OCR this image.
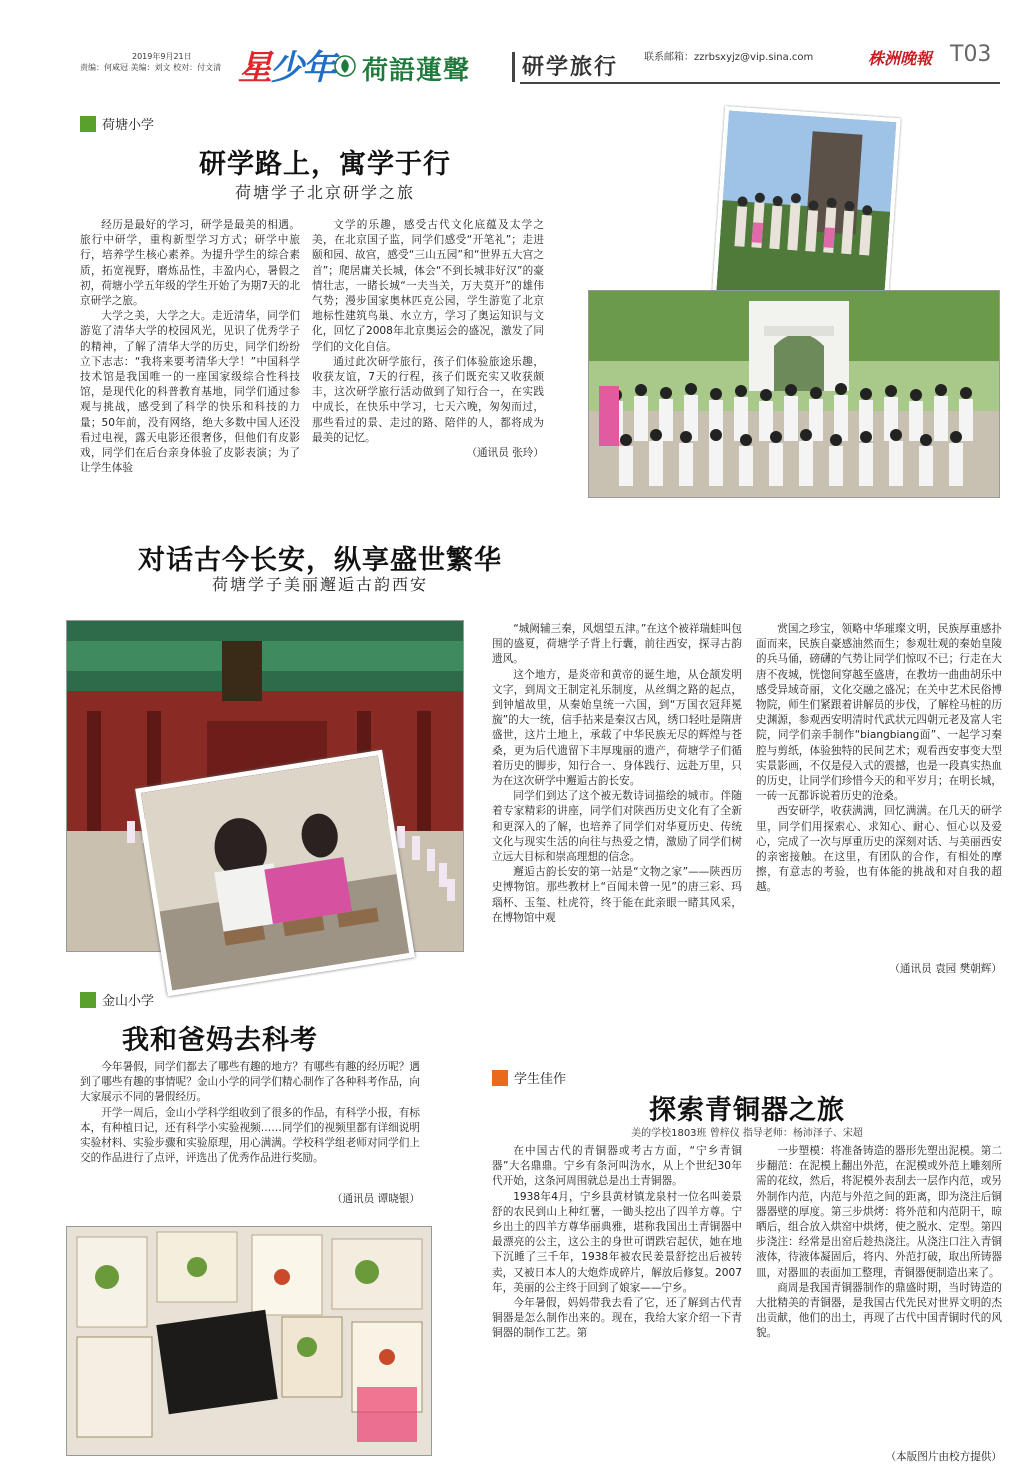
2019年9月21日
责编：何咸冠 美编：刘文 校对：付文清 星少年 荷語蓮聲 研学旅行	联系邮箱：zzrbsxyjz@vip.sina.com	株洲晚報 T03
荷塘小学
研学路上，寓学于行
荷塘学子北京研学之旅

经历是最好的学习，研学是最美的相遇。旅行中研学，重构新型学习方式；研学中旅行，培养学生核心素养。为提升学生的综合素质，拓宽视野，磨炼品性，丰盈内心，暑假之初，荷塘小学五年级的学生开始了为期7天的北京研学之旅。

大学之美，大学之大。走近清华，同学们游览了清华大学的校园风光，见识了优秀学子的精神，了解了清华大学的历史，同学们纷纷立下志志：“我将来要考清华大学！”中国科学技术馆是我国唯一的一座国家级综合性科技馆，是现代化的科普教育基地，同学们通过参观与挑战，感受到了科学的快乐和科技的力量；50年前，没有网络，绝大多数中国人还没看过电视，露天电影还很奢侈，但他们有皮影戏，同学们在后台亲身体验了皮影表演；为了让学生体验

文学的乐趣，感受古代文化底蕴及太学之美，在北京国子监，同学们感受“开笔礼”；走进颐和园、故宫，感受“三山五园”和“世界五大宫之首”；爬居庸关长城，体会“不到长城非好汉”的豪情壮志，一睹长城“一夫当关，万夫莫开”的雄伟气势；漫步国家奥林匹克公园，学生游览了北京地标性建筑鸟巢、水立方，学习了奥运知识与文化，回忆了2008年北京奥运会的盛况，激发了同学们的文化自信。

通过此次研学旅行，孩子们体验旅途乐趣，收获友谊，7天的行程，孩子们既充实又收获颇丰，这次研学旅行活动做到了知行合一，在实践中成长，在快乐中学习，七天六晚，匆匆而过，那些看过的景、走过的路、陪伴的人，都将成为最美的记忆。

（通讯员 张玲）

对话古今长安，纵享盛世繁华
荷塘学子美丽邂逅古韵西安

“城阙辅三秦，风烟望五津。”在这个被祥瑞蛙叫包围的盛夏，荷塘学子背上行囊，前往西安，探寻古韵遗风。

这个地方，是炎帝和黄帝的诞生地，从仓颉发明文字，到周文王制定礼乐制度，从丝绸之路的起点，到钟馗故里，从秦始皇统一六国，到“万国衣冠拜冕旒”的大一统，信手拈来是秦汉古风，绣口轻吐是隋唐盛世，这片土地上，承载了中华民族无尽的辉煌与苍桑，更为后代遗留下丰厚瑰丽的遗产，荷塘学子们循着历史的脚步，知行合一、身体践行、远赴万里，只为在这次研学中邂逅古韵长安。

同学们到达了这个被无数诗词描绘的城市。伴随着专家精彩的讲座，同学们对陕西历史文化有了全新和更深入的了解，也培养了同学们对华夏历史、传统文化与现实生活的向往与热爱之情，激励了同学们树立远大目标和崇高理想的信念。

邂逅古韵长安的第一站是“文物之家”——陕西历史博物馆。那些教材上“百闻未曾一见”的唐三彩、玛瑙杯、玉玺、杜虎符，终于能在此亲眼一睹其风采，在博物馆中观

赏国之珍宝，领略中华璀璨文明，民族厚重感扑面而来，民族自豪感油然而生；参观壮观的秦始皇陵的兵马俑，磅礴的气势让同学们惊叹不已；行走在大唐不夜城，恍惚间穿越至盛唐，在教坊一曲曲胡乐中感受异域奇丽，文化交融之盛况；在关中艺术民俗博物院，师生们紧跟着讲解员的步伐，了解栓马桩的历史渊源，参观西安明清时代武状元四朝元老及富人宅院，同学们亲手制作“biangbiang面”、一起学习秦腔与剪纸，体验独特的民间艺术；观看西安事变大型实景影画，不仅是侵入式的震撼，也是一段真实热血的历史，让同学们珍惜今天的和平岁月；在明长城，一砖一瓦都诉说着历史的沧桑。

西安研学，收获满满，回忆满满。在几天的研学里，同学们用探索心、求知心、耐心、恒心以及爱心，完成了一次与厚重历史的深刻对话、与美丽西安的亲密接触。在这里，有团队的合作，有相处的摩擦，有意志的考验，也有体能的挑战和对自我的超越。

（通讯员 袁园 樊朝辉）
金山小学
我和爸妈去科考

今年暑假，同学们都去了哪些有趣的地方？有哪些有趣的经历呢？遇到了哪些有趣的事情呢？金山小学的同学们精心制作了各种科考作品，向大家展示不同的暑假经历。

开学一周后，金山小学科学组收到了很多的作品，有科学小报，有标本，有种植日记，还有科学小实验视频……同学们的视频里都有详细说明实验材料、实验步骤和实验原理，用心满满。学校科学组老师对同学们上交的作品进行了点评，评选出了优秀作品进行奖励。

（通讯员 谭晓银）
学生佳作
探索青铜器之旅
美的学校1803班 曾梓仪 指导老师：杨沛泽子、宋超

在中国古代的青铜器或考古方面，“宁乡青铜器”大名鼎鼎。宁乡有条河叫沩水，从上个世纪30年代开始，这条河周围就总是出土青铜器。

1938年4月，宁乡县黄材镇龙泉村一位名叫姜景舒的农民到山上种红薯，一锄头挖出了四羊方尊。宁乡出土的四羊方尊华丽典雅，堪称我国出土青铜器中最漂亮的公主，这公主的身世可谓跌宕起伏，她在地下沉睡了三千年，1938年被农民姜景舒挖出后被转卖，又被日本人的大炮炸成碎片，解放后修复。2007年，美丽的公主终于回到了娘家——宁乡。

今年暑假，妈妈带我去看了它，还了解到古代青铜器是怎么制作出来的。现在，我给大家介绍一下青铜器的制作工艺。第

一步塑模：将准备铸造的器形先塑出泥模。第二步翻范：在泥模上翻出外范，在泥模或外范上雕刻所需的花纹，然后，将泥模外表刮去一层作内范，或另外制作内范，内范与外范之间的距离，即为浇注后铜器器壁的厚度。第三步烘烤：将外范和内范阴干，晾晒后，组合放入烘窑中烘烤，使之脱水、定型。第四步浇注：经常是出窑后趁热浇注。从浇注口注入青铜液体，待液体凝固后，将内、外范打破，取出所铸器皿，对器皿的表面加工整理，青铜器便制造出来了。

商周是我国青铜器制作的鼎盛时期，当时铸造的大批精美的青铜器，是我国古代先民对世界文明的杰出贡献，他们的出土，再现了古代中国青铜时代的风貌。

（本版图片由校方提供）
